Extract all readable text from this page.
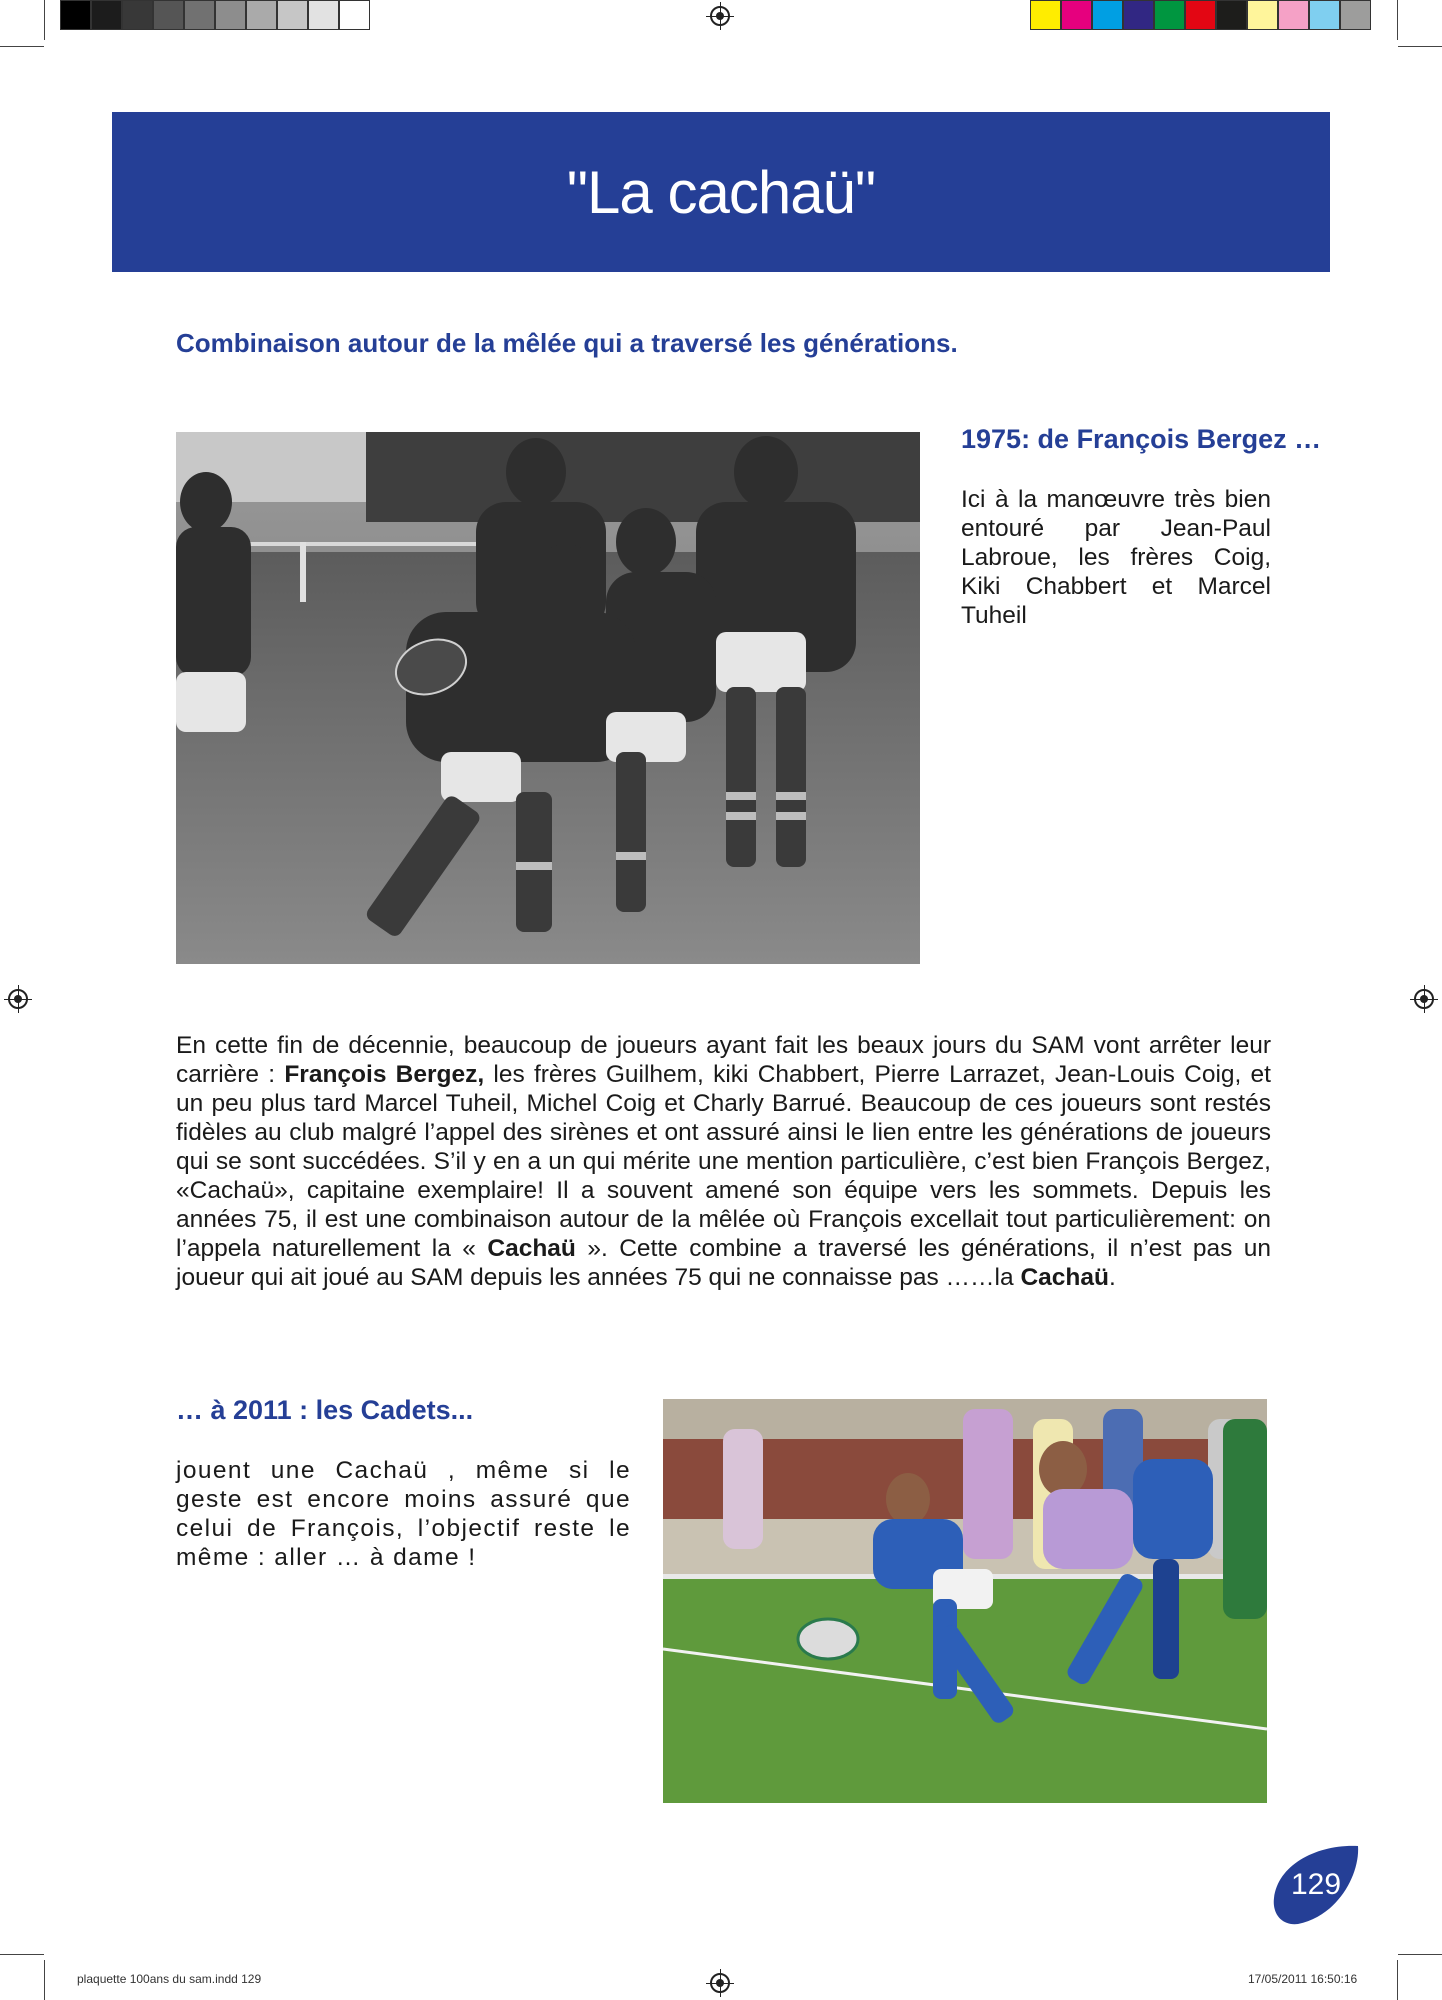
"La cachaü"
Combinaison autour de la mêlée qui a traversé les générations.
1975: de François Bergez …

Ici à la manœuvre très bien entouré par Jean-Paul Labroue, les frères Coig, Kiki Chabbert et Marcel Tuheil

En cette fin de décennie, beaucoup de joueurs ayant fait les beaux jours du SAM vont arrêter leur carrière : François Bergez, les frères Guilhem, kiki Chabbert, Pierre Larrazet, Jean-Louis Coig, et un peu plus tard Marcel Tuheil, Michel Coig et Charly Barrué. Beaucoup de ces joueurs sont restés fidèles au club malgré l’appel des sirènes et ont assuré ainsi le lien entre les générations de joueurs qui se sont succédées. S’il y en a un qui mérite une mention particulière, c’est bien François Bergez, «Cachaü», capitaine exemplaire! Il a souvent amené son équipe vers les sommets. Depuis les années 75, il est une combinaison autour de la mêlée où François excellait tout particulièrement: on l’appela naturellement la « Cachaü ». Cette combine a traversé les générations, il n’est pas un joueur qui ait joué au SAM depuis les années 75 qui ne connaisse pas ……la Cachaü.

… à 2011 : les Cadets...

jouent une Cachaü , même si le geste est encore moins assuré que celui de François, l’objectif reste le même : aller … à dame !

129
plaquette 100ans du sam.indd 129	17/05/2011 16:50:16
